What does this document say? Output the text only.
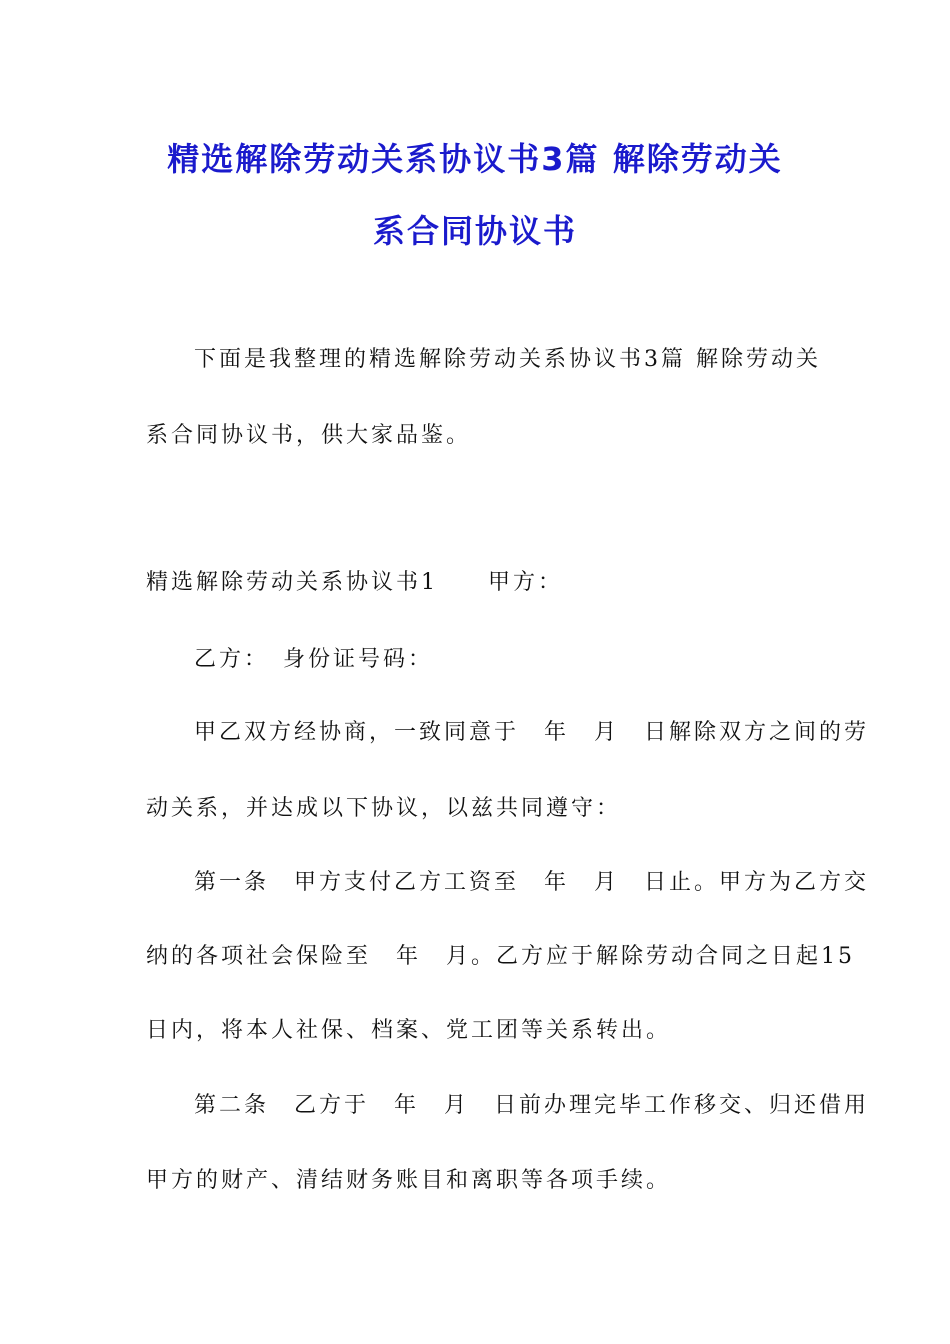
精选解除劳动关系协议书3篇 解除劳动关
系合同协议书
下面是我整理的精选解除劳动关系协议书3篇 解除劳动关
系合同协议书，供大家品鉴。
精选解除劳动关系协议书1　　甲方：
乙方：　身份证号码：
甲乙双方经协商，一致同意于　年　月　日解除双方之间的劳
动关系，并达成以下协议，以兹共同遵守：
第一条　甲方支付乙方工资至　年　月　日止。甲方为乙方交
纳的各项社会保险至　年　月。乙方应于解除劳动合同之日起15
日内，将本人社保、档案、党工团等关系转出。
第二条　乙方于　年　月　日前办理完毕工作移交、归还借用
甲方的财产、清结财务账目和离职等各项手续。
